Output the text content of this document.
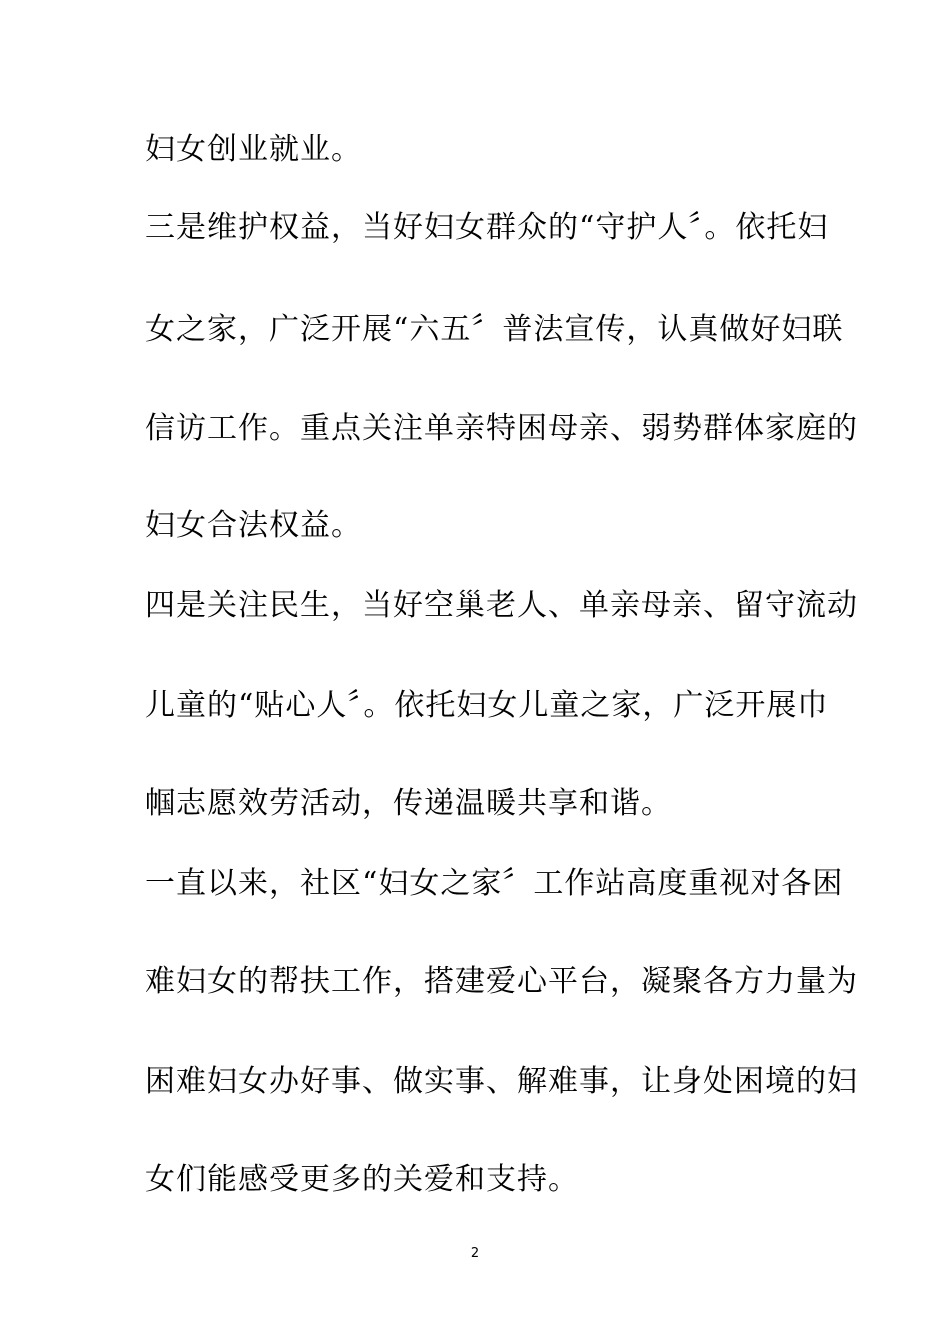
妇女创业就业。
三是维护权益，当好妇女群众的“守护人〞。依托妇
女之家，广泛开展“六五〞普法宣传，认真做好妇联
信访工作。重点关注单亲特困母亲、弱势群体家庭的
妇女合法权益。
四是关注民生，当好空巢老人、单亲母亲、留守流动
儿童的“贴心人〞。依托妇女儿童之家，广泛开展巾
帼志愿效劳活动，传递温暖共享和谐。
一直以来，社区“妇女之家〞工作站高度重视对各困
难妇女的帮扶工作，搭建爱心平台，凝聚各方力量为
困难妇女办好事、做实事、解难事，让身处困境的妇
女们能感受更多的关爱和支持。
2
